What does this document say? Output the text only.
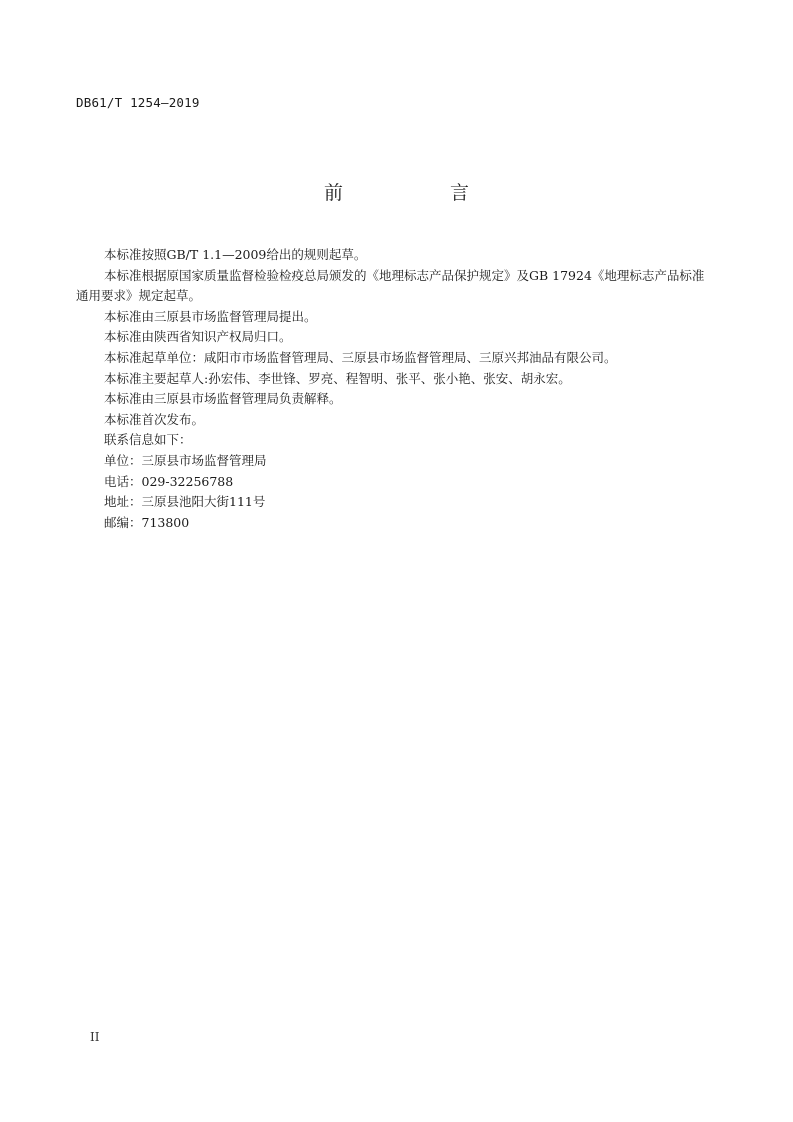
DB61/T 1254—2019
前　言

本标准按照GB/T 1.1—2009给出的规则起草。

本标准根据原国家质量监督检验检疫总局颁发的《地理标志产品保护规定》及GB 17924《地理标志产品标准通用要求》规定起草。

本标准由三原县市场监督管理局提出。

本标准由陕西省知识产权局归口。

本标准起草单位：咸阳市市场监督管理局、三原县市场监督管理局、三原兴邦油品有限公司。

本标准主要起草人:孙宏伟、李世锋、罗亮、程智明、张平、张小艳、张安、胡永宏。

本标准由三原县市场监督管理局负责解释。

本标准首次发布。

联系信息如下：

单位：三原县市场监督管理局

电话：029-32256788

地址：三原县池阳大街111号

邮编：713800

II
